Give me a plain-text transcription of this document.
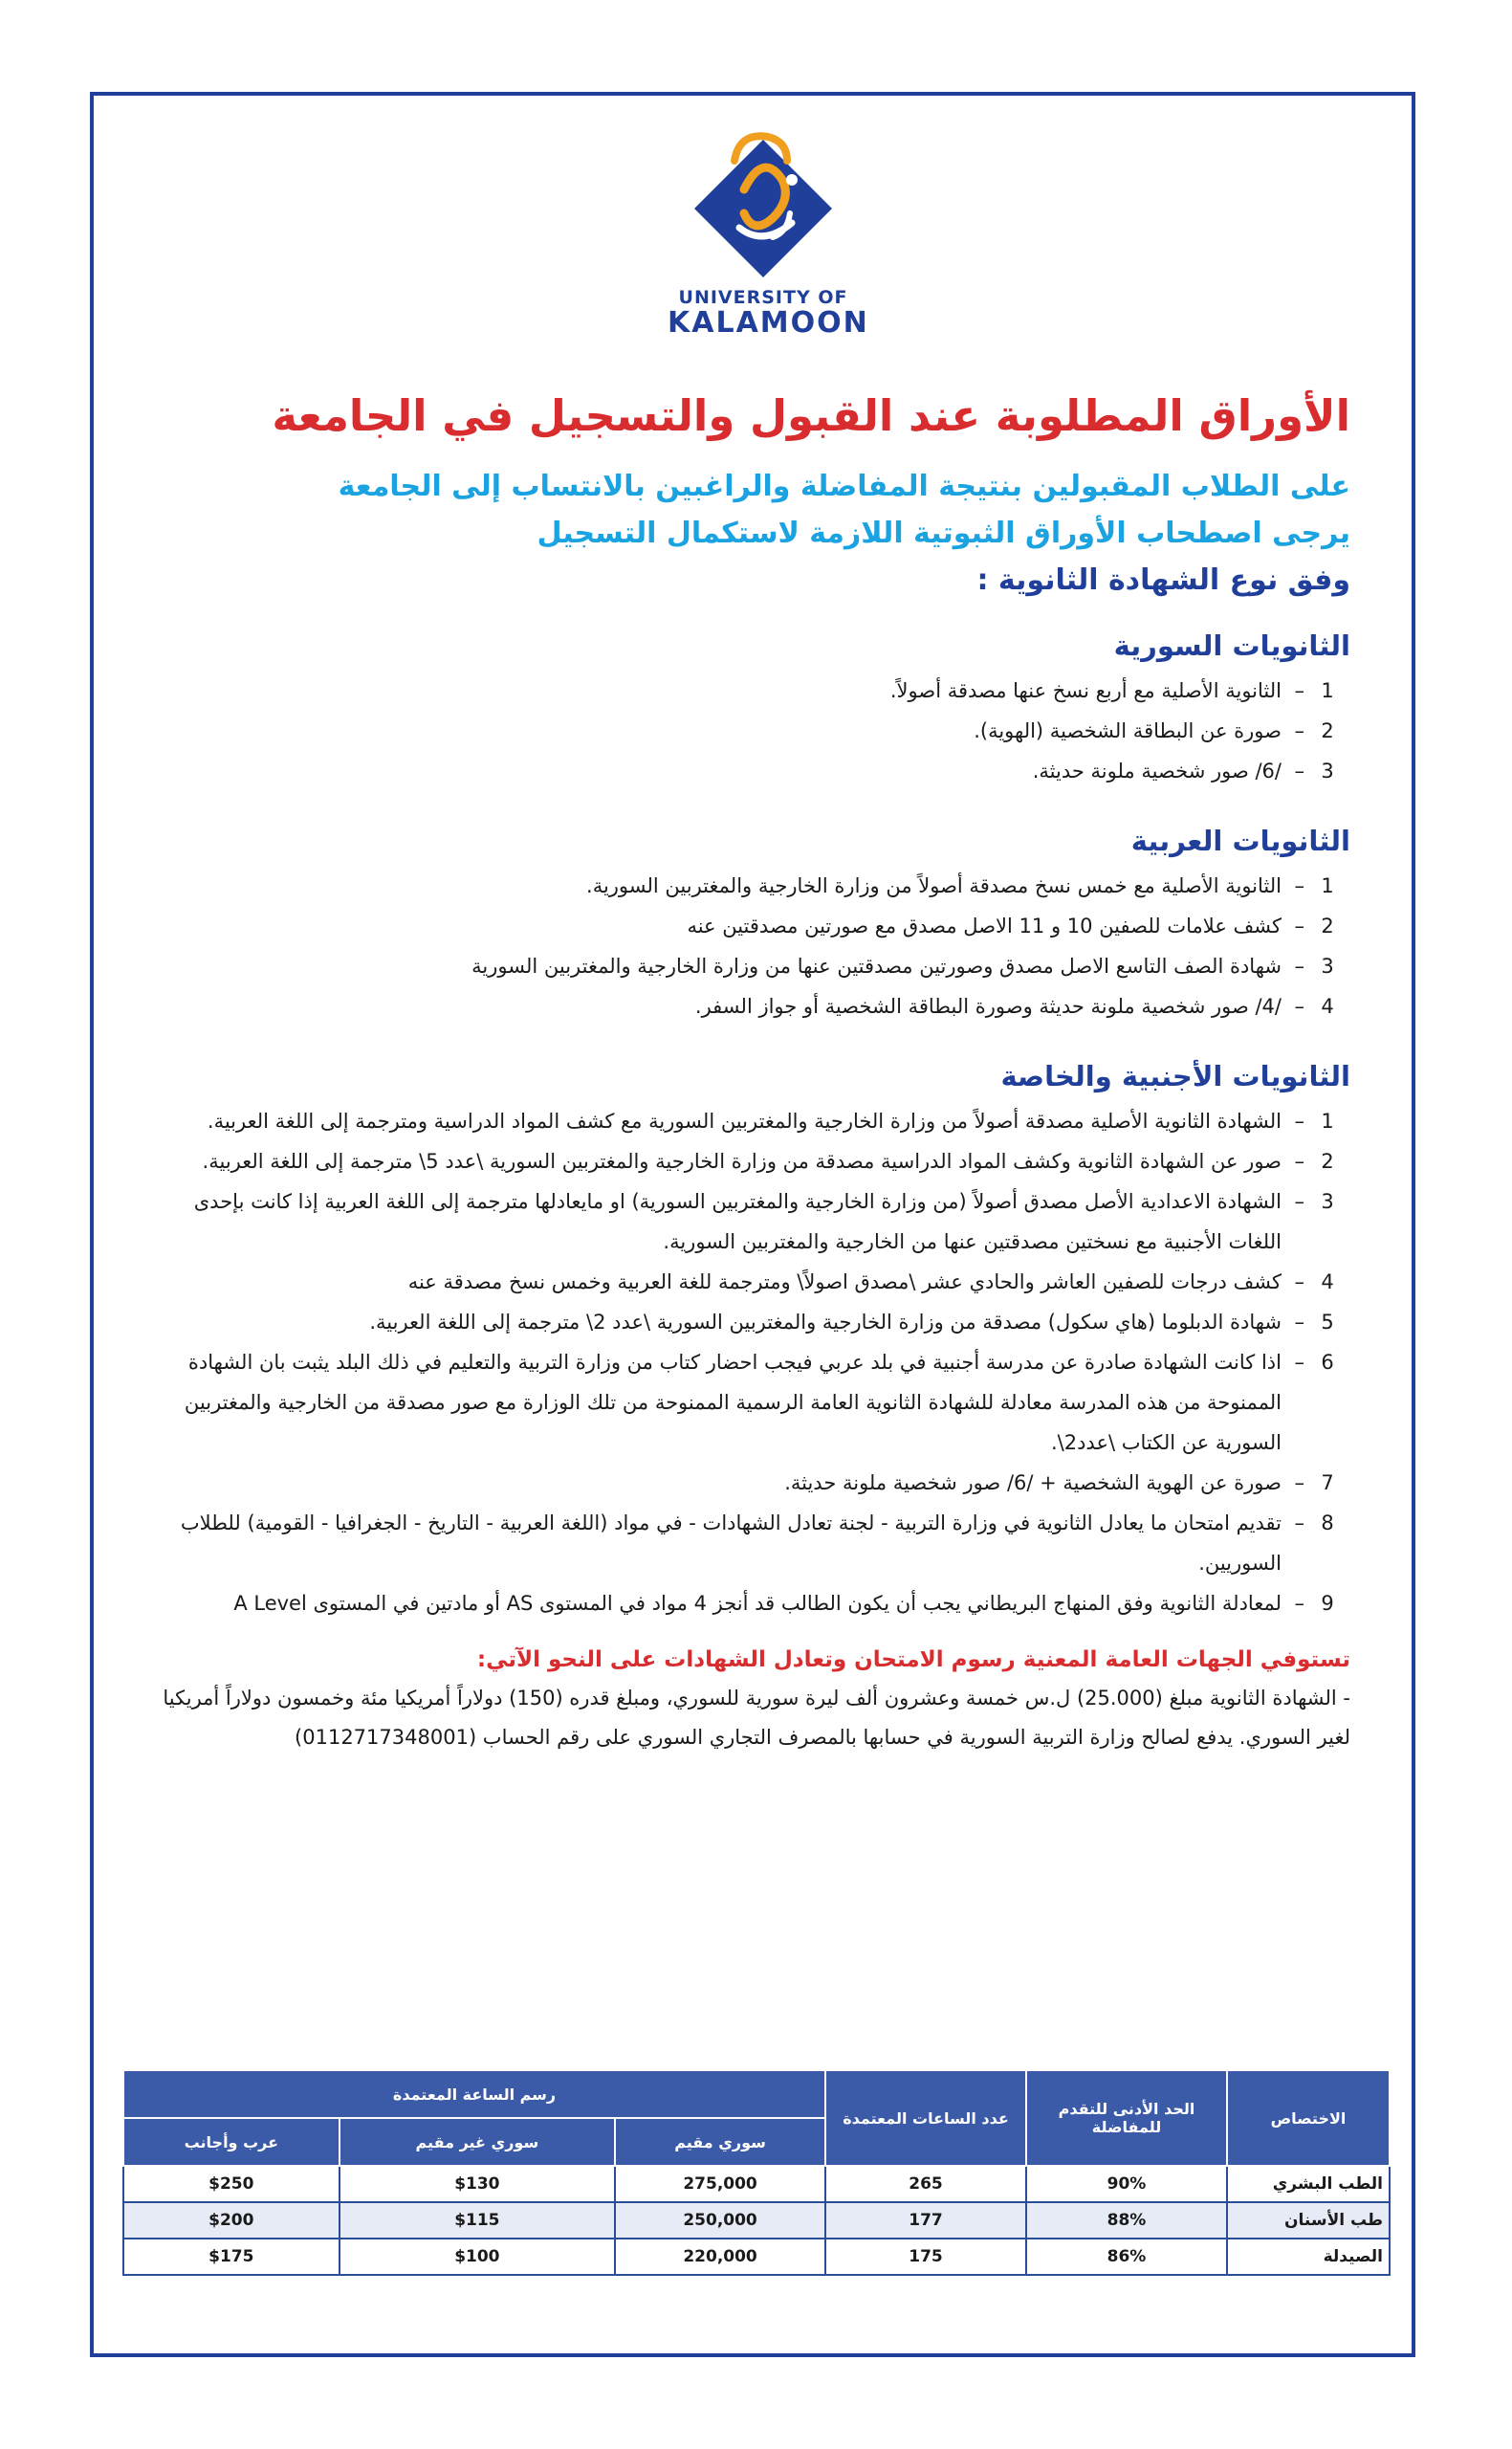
UNIVERSITY OF
KALAMOON
الأوراق المطلوبة عند القبول والتسجيل في الجامعة

على الطلاب المقبولين بنتيجة المفاضلة والراغبين بالانتساب إلى الجامعة
يرجى اصطحاب الأوراق الثبوتية اللازمة لاستكمال التسجيل
وفق نوع الشهادة الثانوية :

الثانويات السورية
1
–
الثانوية الأصلية مع أربع نسخ عنها مصدقة أصولاً.
2
–
صورة عن البطاقة الشخصية (الهوية).
3
–
/6/ صور شخصية ملونة حديثة.
الثانويات العربية
1
–
الثانوية الأصلية مع خمس نسخ مصدقة أصولاً من وزارة الخارجية والمغتربين السورية.
2
–
كشف علامات للصفين 10 و 11 الاصل مصدق مع صورتين مصدقتين عنه
3
–
شهادة الصف التاسع الاصل مصدق وصورتين مصدقتين عنها من وزارة الخارجية والمغتربين السورية
4
–
/4/ صور شخصية ملونة حديثة وصورة البطاقة الشخصية أو جواز السفر.
الثانويات الأجنبية والخاصة
1
–
الشهادة الثانوية الأصلية مصدقة أصولاً من وزارة الخارجية والمغتربين السورية مع كشف المواد الدراسية ومترجمة إلى اللغة العربية.
2
–
صور عن الشهادة الثانوية وكشف المواد الدراسية مصدقة من وزارة الخارجية والمغتربين السورية \عدد 5\ مترجمة إلى اللغة العربية.
3
–
الشهادة الاعدادية الأصل مصدق أصولاً (من وزارة الخارجية والمغتربين السورية) او مايعادلها مترجمة إلى اللغة العربية إذا كانت بإحدى اللغات الأجنبية مع نسختين مصدقتين عنها من الخارجية والمغتربين السورية.
4
–
كشف درجات للصفين العاشر والحادي عشر \مصدق اصولاً\ ومترجمة للغة العربية وخمس نسخ مصدقة عنه
5
–
شهادة الدبلوما (هاي سكول) مصدقة من وزارة الخارجية والمغتربين السورية \عدد 2\ مترجمة إلى اللغة العربية.
6
–
اذا كانت الشهادة صادرة عن مدرسة أجنبية في بلد عربي فيجب احضار كتاب من وزارة التربية والتعليم في ذلك البلد يثبت بان الشهادة الممنوحة من هذه المدرسة معادلة للشهادة الثانوية العامة الرسمية الممنوحة من تلك الوزارة مع صور مصدقة من الخارجية والمغتربين السورية عن الكتاب \عدد2\.
7
–
صورة عن الهوية الشخصية + /6/ صور شخصية ملونة حديثة.
8
–
تقديم امتحان ما يعادل الثانوية في وزارة التربية - لجنة تعادل الشهادات - في مواد (اللغة العربية - التاريخ - الجغرافيا - القومية) للطلاب السوريين.
9
–
لمعادلة الثانوية وفق المنهاج البريطاني يجب أن يكون الطالب قد أنجز 4 مواد في المستوى AS أو مادتين في المستوى A Level
تستوفي الجهات العامة المعنية رسوم الامتحان وتعادل الشهادات على النحو الآتي:

- الشهادة الثانوية مبلغ (25.000) ل.س خمسة وعشرون ألف ليرة سورية للسوري، ومبلغ قدره (150) دولاراً أمريكيا مئة وخمسون دولاراً أمريكيا لغير السوري. يدفع لصالح وزارة التربية السورية في حسابها بالمصرف التجاري السوري على رقم الحساب (0112717348001)

الاختصاص	الحد الأدنى للتقدم للمفاضلة	عدد الساعات المعتمدة	رسم الساعة المعتمدة		
			سوري مقيم	سوري غير مقيم	عرب وأجانب
الطب البشري	90%	265	275,000	$130	$250
طب الأسنان	88%	177	250,000	$115	$200
الصيدلة	86%	175	220,000	$100	$175
